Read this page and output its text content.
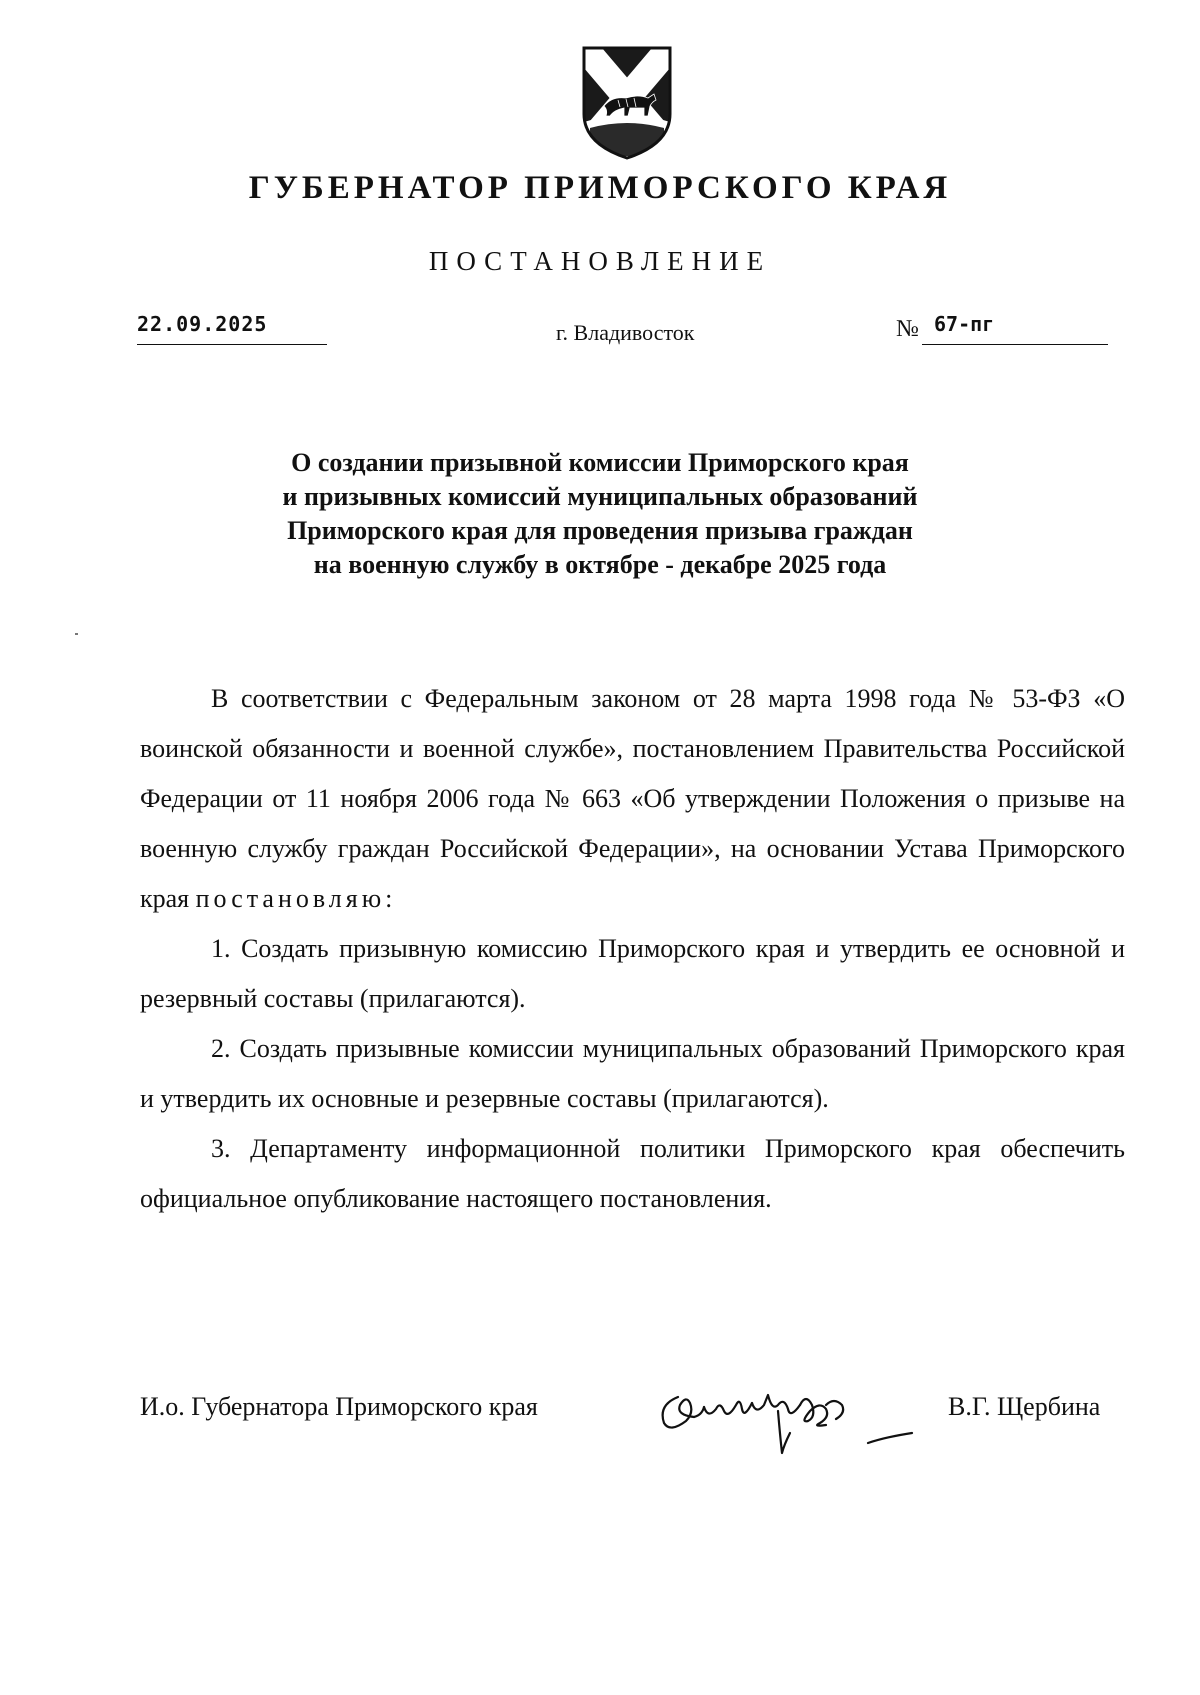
ГУБЕРНАТОР ПРИМОРСКОГО КРАЯ
ПОСТАНОВЛЕНИЕ
22.09.2025	г. Владивосток	№ 67-пг
О создании призывной комиссии Приморского края
и призывных комиссий муниципальных образований
Приморского края для проведения призыва граждан
на военную службу в октябре - декабре 2025 года

В соответствии с Федеральным законом от 28 марта 1998 года № 53-ФЗ «О воинской обязанности и военной службе», постановлением Правительства Российской Федерации от 11 ноября 2006 года № 663 «Об утверждении Положения о призыве на военную службу граждан Российской Федерации», на основании Устава Приморского края постановляю:

1. Создать призывную комиссию Приморского края и утвердить ее основной и резервный составы (прилагаются).

2. Создать призывные комиссии муниципальных образований Приморского края и утвердить их основные и резервные составы (прилагаются).

3. Департаменту информационной политики Приморского края обеспечить официальное опубликование настоящего постановления.

И.о. Губернатора Приморского края	В.Г. Щербина
